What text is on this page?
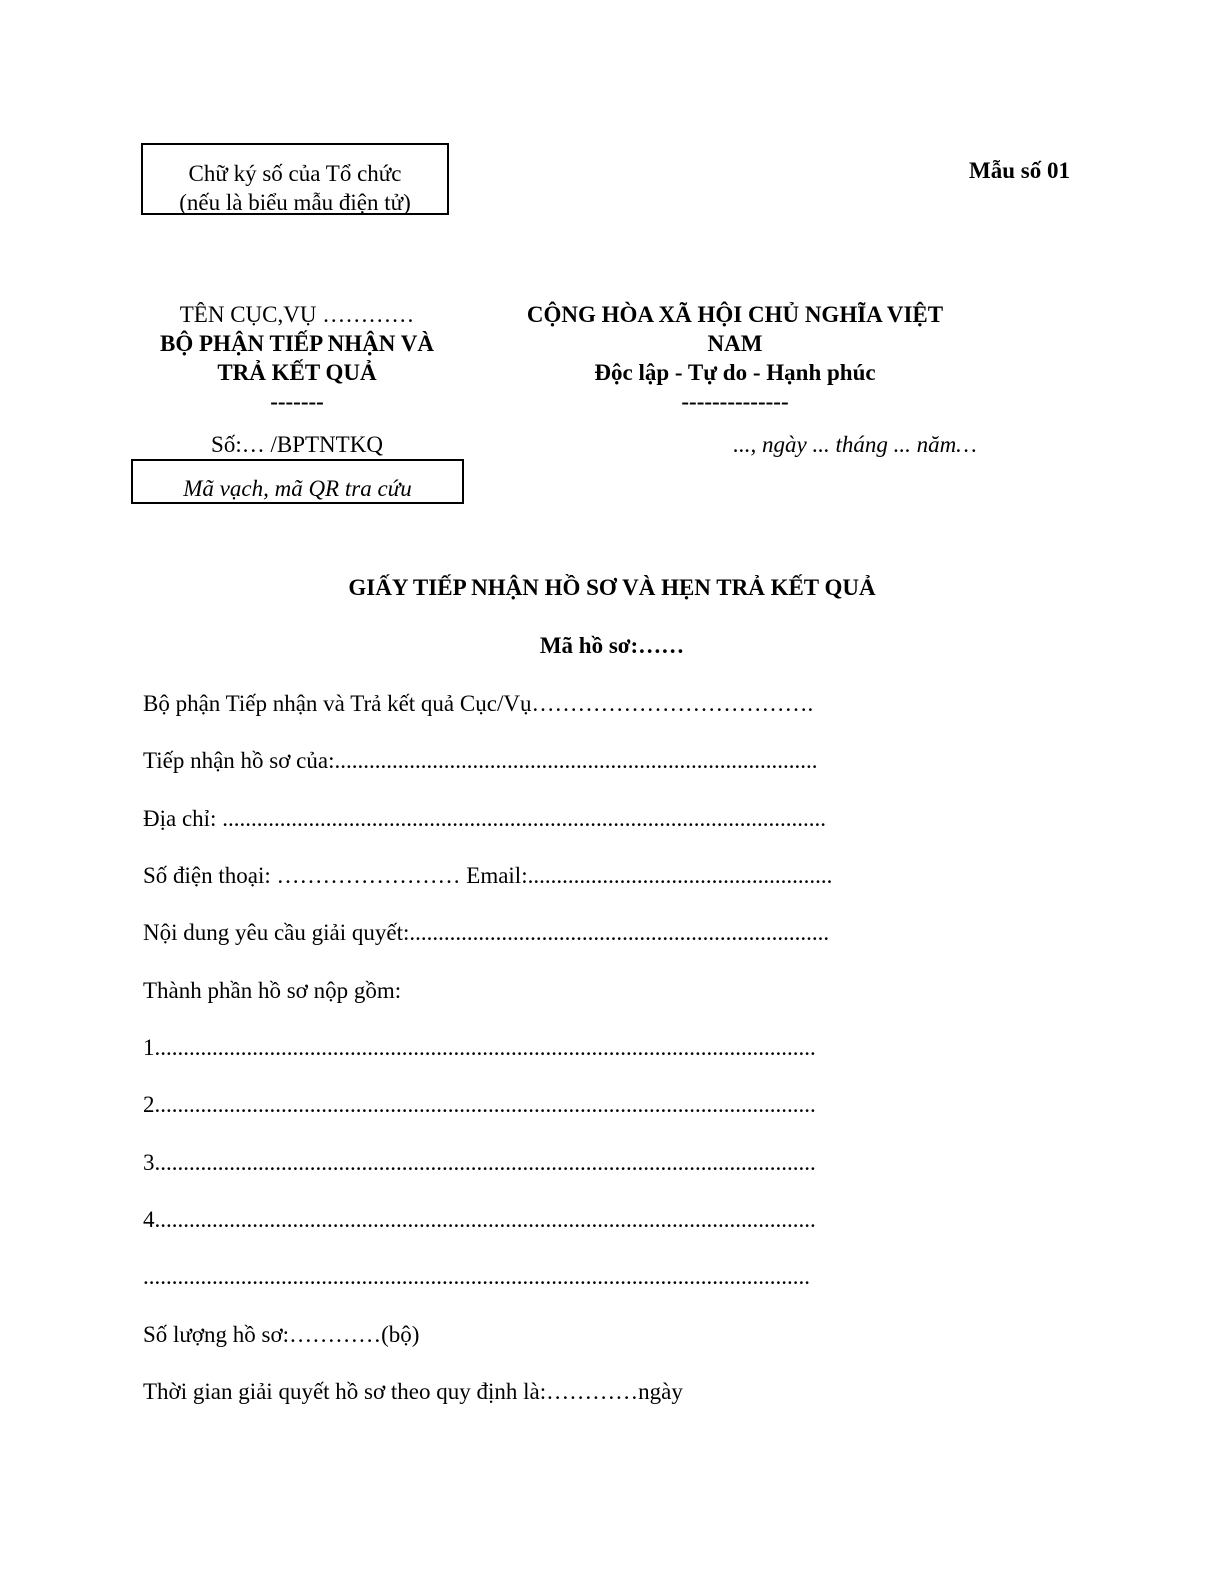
Chữ ký số của Tổ chức
(nếu là biểu mẫu điện tử)
Mẫu số 01
TÊN CỤC,VỤ …………
BỘ PHẬN TIẾP NHẬN VÀ
TRẢ KẾT QUẢ
-------
CỘNG HÒA XÃ HỘI CHỦ NGHĨA VIỆT
NAM
Độc lập - Tự do - Hạnh phúc
--------------
Số:… /BPTNTKQ	..., ngày ... tháng ... năm…
Mã vạch, mã QR tra cứu
GIẤY TIẾP NHẬN HỒ SƠ VÀ HẸN TRẢ KẾT QUẢ
Mã hồ sơ:……
Bộ phận Tiếp nhận và Trả kết quả Cục/Vụ……………………………….
Tiếp nhận hồ sơ của:....................................................................................
Địa chỉ: .........................................................................................................
Số điện thoại: …………………… Email:.....................................................
Nội dung yêu cầu giải quyết:.........................................................................
Thành phần hồ sơ nộp gồm:
1...................................................................................................................
2...................................................................................................................
3...................................................................................................................
4...................................................................................................................
....................................................................................................................
Số lượng hồ sơ:…………(bộ)
Thời gian giải quyết hồ sơ theo quy định là:…………ngày
